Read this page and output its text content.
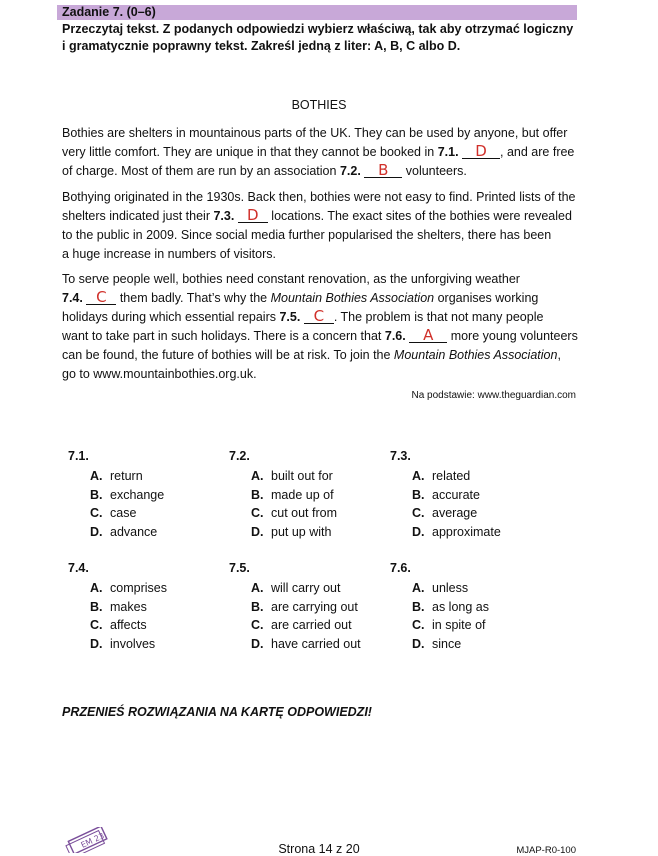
Zadanie 7. (0–6)
Przeczytaj tekst. Z podanych odpowiedzi wybierz właściwą, tak aby otrzymać logiczny
i gramatycznie poprawny tekst. Zakreśl jedną z liter: A, B, C albo D.
BOTHIES
Bothies are shelters in mountainous parts of the UK. They can be used by anyone, but offer
very little comfort. They are unique in that they cannot be booked in 7.1. D , and are free
of charge. Most of them are run by an association 7.2. B volunteers.
Bothying originated in the 1930s. Back then, bothies were not easy to find. Printed lists of the
shelters indicated just their 7.3. D locations. The exact sites of the bothies were revealed
to the public in 2009. Since social media further popularised the shelters, there has been
a huge increase in numbers of visitors.
To serve people well, bothies need constant renovation, as the unforgiving weather
7.4. C them badly. That’s why the Mountain Bothies Association organises working
holidays during which essential repairs 7.5. C . The problem is that not many people
want to take part in such holidays. There is a concern that 7.6. A more young volunteers
can be found, the future of bothies will be at risk. To join the Mountain Bothies Association,
go to www.mountainbothies.org.uk.
Na podstawie: www.theguardian.com
7.1.
A. return
B. exchange
C. case
D. advance
7.2.
A. built out for
B. made up of
C. cut out from
D. put up with
7.3.
A. related
B. accurate
C. average
D. approximate
7.4.
A. comprises
B. makes
C. affects
D. involves
7.5.
A. will carry out
B. are carrying out
C. are carried out
D. have carried out
7.6.
A. unless
B. as long as
C. in spite of
D. since
PRZENIEŚ ROZWIĄZANIA NA KARTĘ ODPOWIEDZI!
EM 23	Strona 14 z 20	MJAP-R0-100
